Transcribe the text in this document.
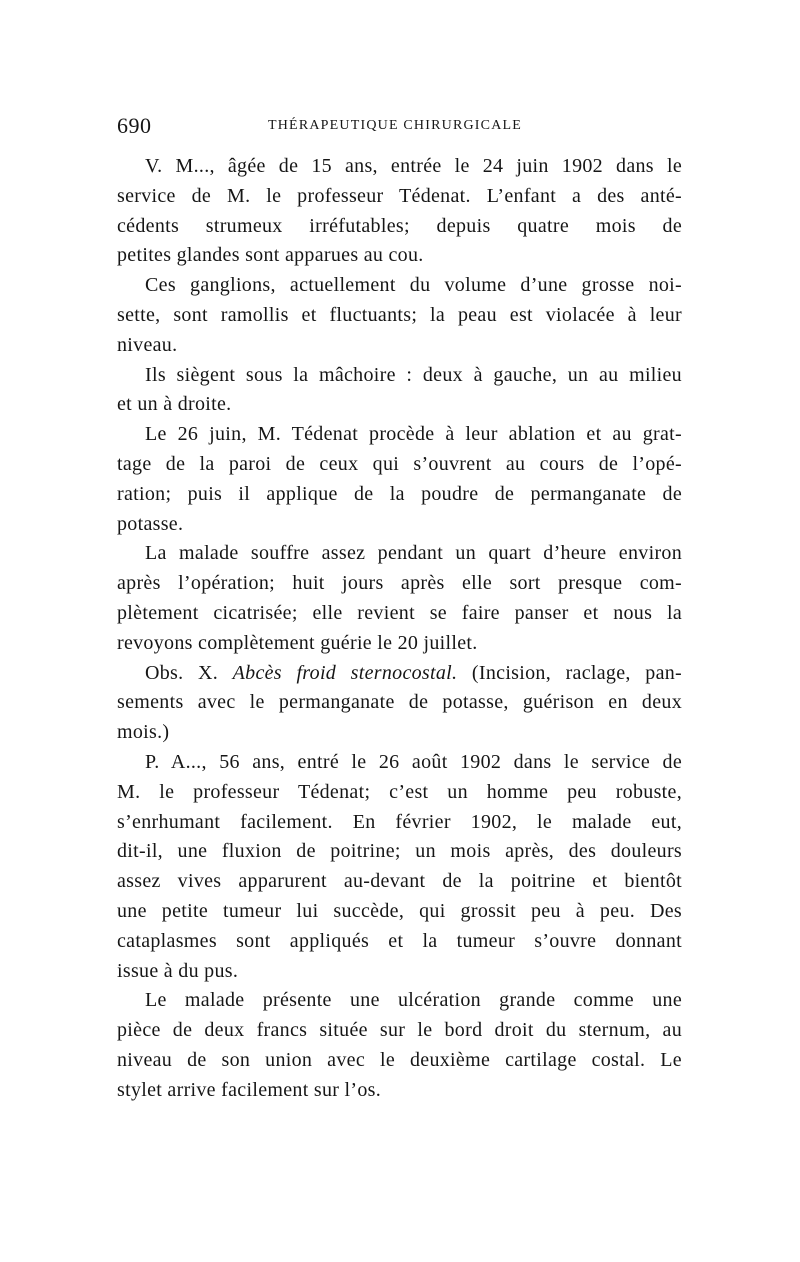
690	THÉRAPEUTIQUE CHIRURGICALE
V. M..., âgée de 15 ans, entrée le 24 juin 1902 dans le
service de M. le professeur Tédenat. L’enfant a des anté-
cédents strumeux irréfutables; depuis quatre mois de
petites glandes sont apparues au cou.
Ces ganglions, actuellement du volume d’une grosse noi-
sette, sont ramollis et fluctuants; la peau est violacée à leur
niveau.
Ils siègent sous la mâchoire : deux à gauche, un au milieu
et un à droite.
Le 26 juin, M. Tédenat procède à leur ablation et au grat-
tage de la paroi de ceux qui s’ouvrent au cours de l’opé-
ration; puis il applique de la poudre de permanganate de
potasse.
La malade souffre assez pendant un quart d’heure environ
après l’opération; huit jours après elle sort presque com-
plètement cicatrisée; elle revient se faire panser et nous la
revoyons complètement guérie le 20 juillet.
Obs. X. Abcès froid sternocostal. (Incision, raclage, pan-
sements avec le permanganate de potasse, guérison en deux
mois.)
P. A..., 56 ans, entré le 26 août 1902 dans le service de
M. le professeur Tédenat; c’est un homme peu robuste,
s’enrhumant facilement. En février 1902, le malade eut,
dit-il, une fluxion de poitrine; un mois après, des douleurs
assez vives apparurent au-devant de la poitrine et bientôt
une petite tumeur lui succède, qui grossit peu à peu. Des
cataplasmes sont appliqués et la tumeur s’ouvre donnant
issue à du pus.
Le malade présente une ulcération grande comme une
pièce de deux francs située sur le bord droit du sternum, au
niveau de son union avec le deuxième cartilage costal. Le
stylet arrive facilement sur l’os.
